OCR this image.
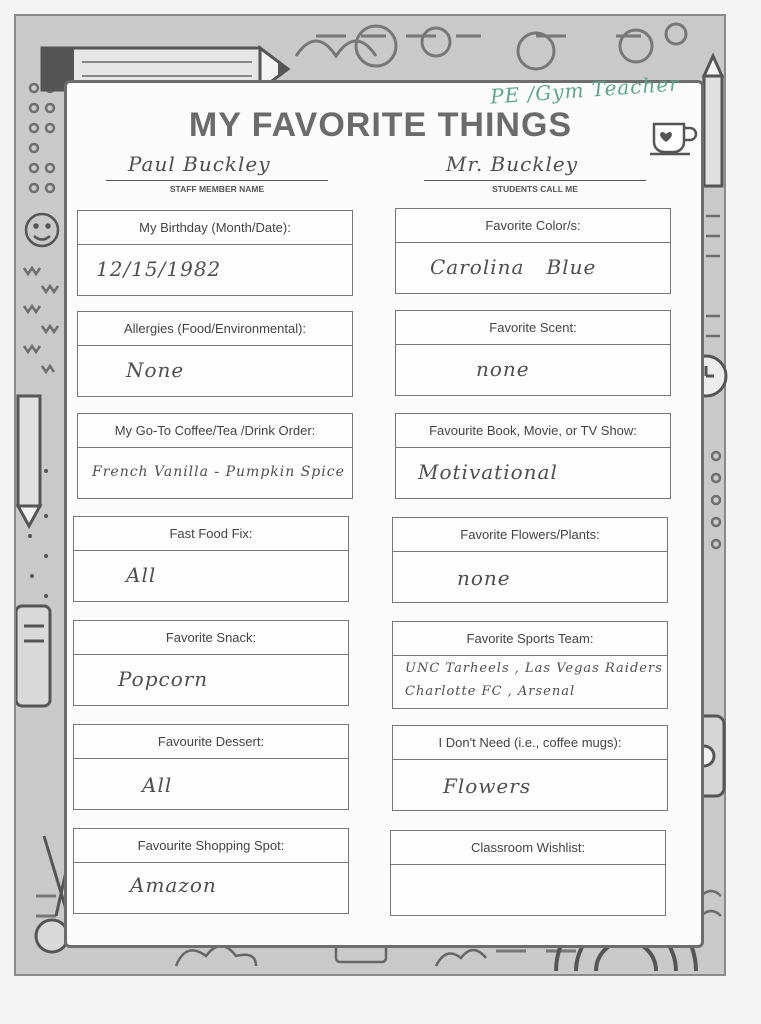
MY FAVORITE THINGS
PE /Gym Teacher
Paul Buckley
STAFF MEMBER NAME
Mr. Buckley
STUDENTS CALL ME
My Birthday (Month/Date):
12/15/1982
Allergies (Food/Environmental):
None
My Go-To Coffee/Tea /Drink Order:
French Vanilla - Pumpkin Spice
Fast Food Fix:
All
Favorite Snack:
Popcorn
Favourite Dessert:
All
Favourite Shopping Spot:
Amazon
Favorite Color/s:
Carolina   Blue
Favorite Scent:
none
Favourite Book, Movie, or TV Show:
Motivational
Favorite Flowers/Plants:
none
Favorite Sports Team:
UNC Tarheels , Las Vegas Raiders
Charlotte FC , Arsenal
I Don't Need (i.e., coffee mugs):
Flowers
Classroom Wishlist:
